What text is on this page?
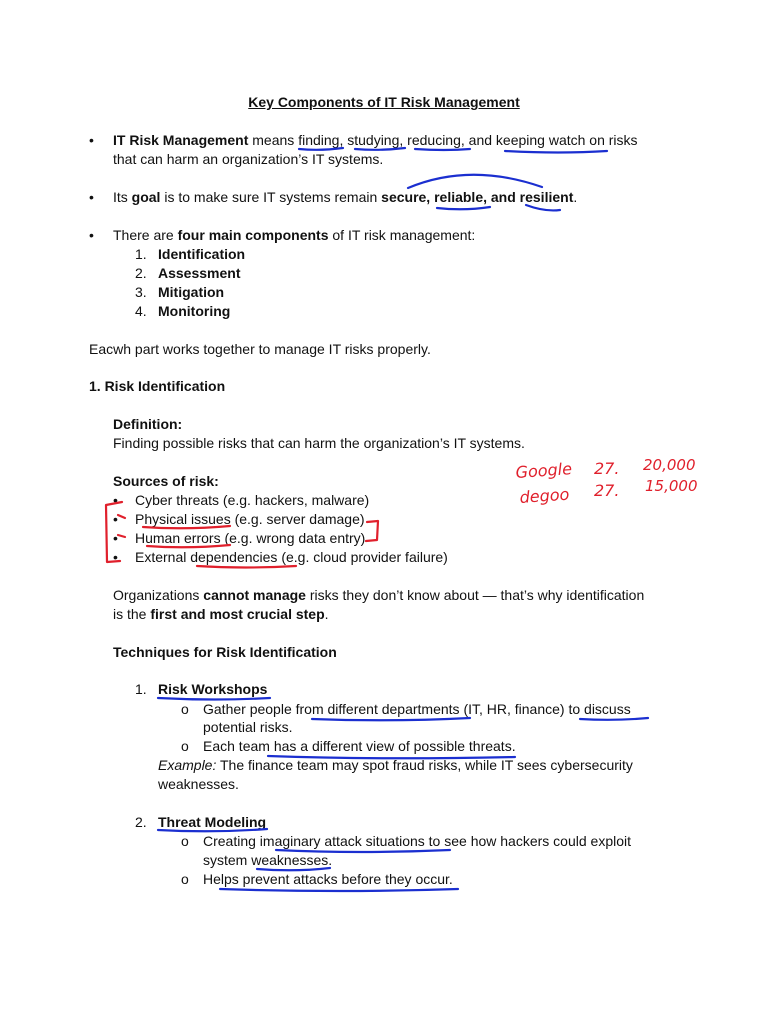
Key Components of IT Risk Management
• IT Risk Management means finding, studying, reducing, and keeping watch on risks
that can harm an organization’s IT systems.
• Its goal is to make sure IT systems remain secure, reliable, and resilient.
• There are four main components of IT risk management:
1. Identification
2. Assessment
3. Mitigation
4. Monitoring
Eacwh part works together to manage IT risks properly.
1. Risk Identification
Definition:
Finding possible risks that can harm the organization’s IT systems.
Sources of risk:
• Cyber threats (e.g. hackers, malware)
• Physical issues (e.g. server damage)
• Human errors (e.g. wrong data entry)
• External dependencies (e.g. cloud provider failure)
Organizations cannot manage risks they don’t know about — that’s why identification
is the first and most crucial step.
Techniques for Risk Identification
1. Risk Workshops
o Gather people from different departments (IT, HR, finance) to discuss
potential risks.
o Each team has a different view of possible threats.
Example: The finance team may spot fraud risks, while IT sees cybersecurity
weaknesses.
2. Threat Modeling
o Creating imaginary attack situations to see how hackers could exploit
system weaknesses.
o Helps prevent attacks before they occur.
Google
degoo
27.
27.
20,000
15,000
